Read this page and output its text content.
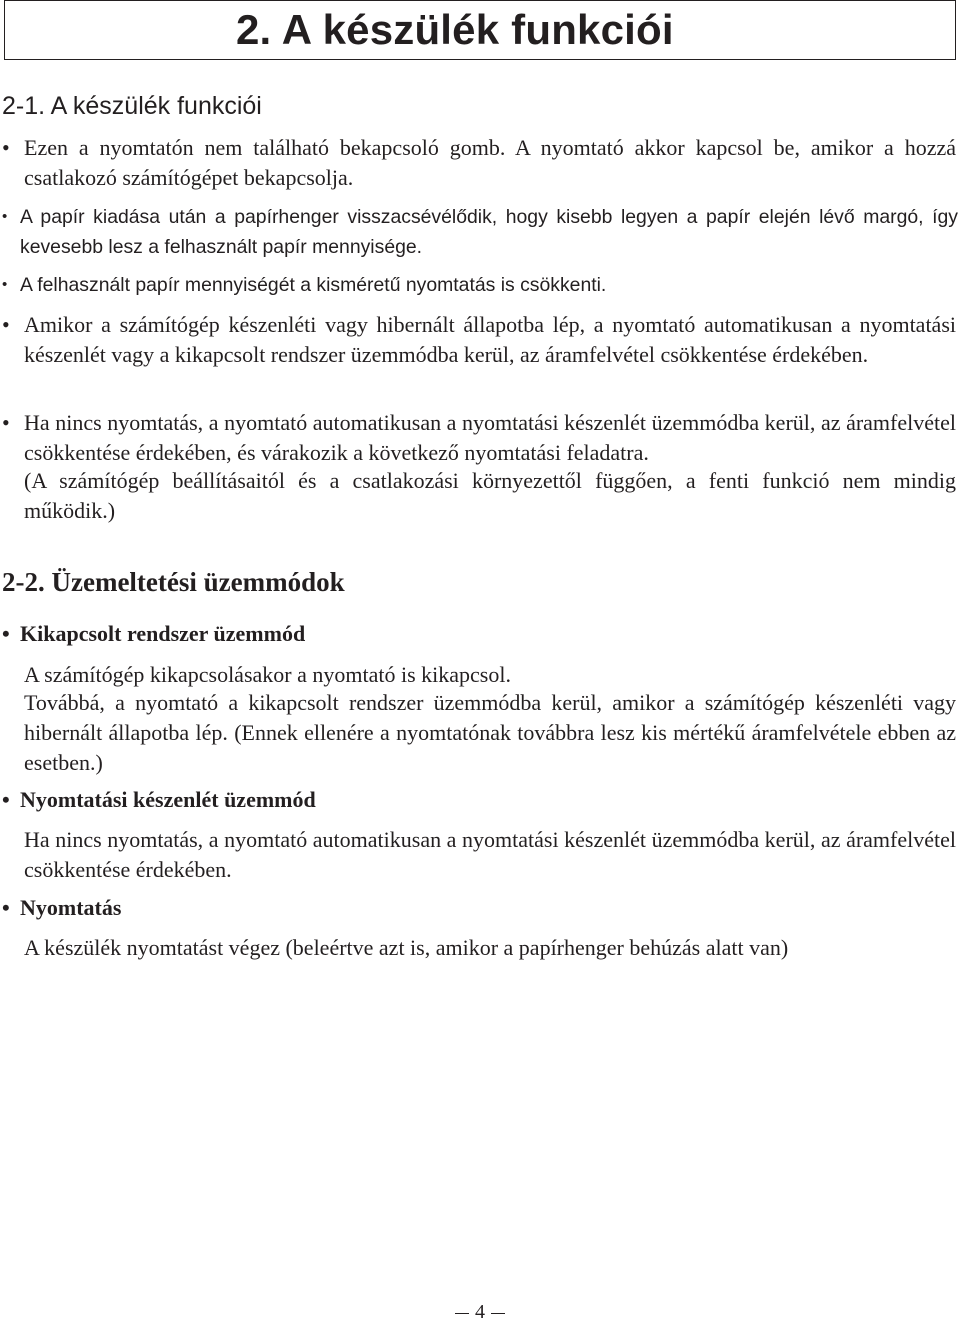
2. A készülék funkciói
2-1. A készülék funkciói
• Ezen a nyomtatón nem található bekapcsoló gomb. A nyomtató akkor kapcsol be, amikor a hozzá csatlakozó számítógépet bekapcsolja.
• A papír kiadása után a papírhenger visszacsévélődik, hogy kisebb legyen a papír elején lévő margó, így kevesebb lesz a felhasznált papír mennyisége.
• A felhasznált papír mennyiségét a kisméretű nyomtatás is csökkenti.
• Amikor a számítógép készenléti vagy hibernált állapotba lép, a nyomtató automatikusan a nyomtatási készenlét vagy a kikapcsolt rendszer üzemmódba kerül, az áramfelvétel csökkentése érdekében.
• Ha nincs nyomtatás, a nyomtató automatikusan a nyomtatási készenlét üzemmódba kerül, az áramfelvétel csökkentése érdekében, és várakozik a következő nyomtatási feladatra.
(A számítógép beállításaitól és a csatlakozási környezettől függően, a fenti funkció nem mindig működik.)
2-2. Üzemeltetési üzemmódok
• Kikapcsolt rendszer üzemmód
A számítógép kikapcsolásakor a nyomtató is kikapcsol.
Továbbá, a nyomtató a kikapcsolt rendszer üzemmódba kerül, amikor a számítógép készenléti vagy hibernált állapotba lép. (Ennek ellenére a nyomtatónak továbbra lesz kis mértékű áramfelvétele ebben az esetben.)
• Nyomtatási készenlét üzemmód
Ha nincs nyomtatás, a nyomtató automatikusan a nyomtatási készenlét üzemmódba kerül, az áramfelvétel csökkentése érdekében.
• Nyomtatás
A készülék nyomtatást végez (beleértve azt is, amikor a papírhenger behúzás alatt van)
4
